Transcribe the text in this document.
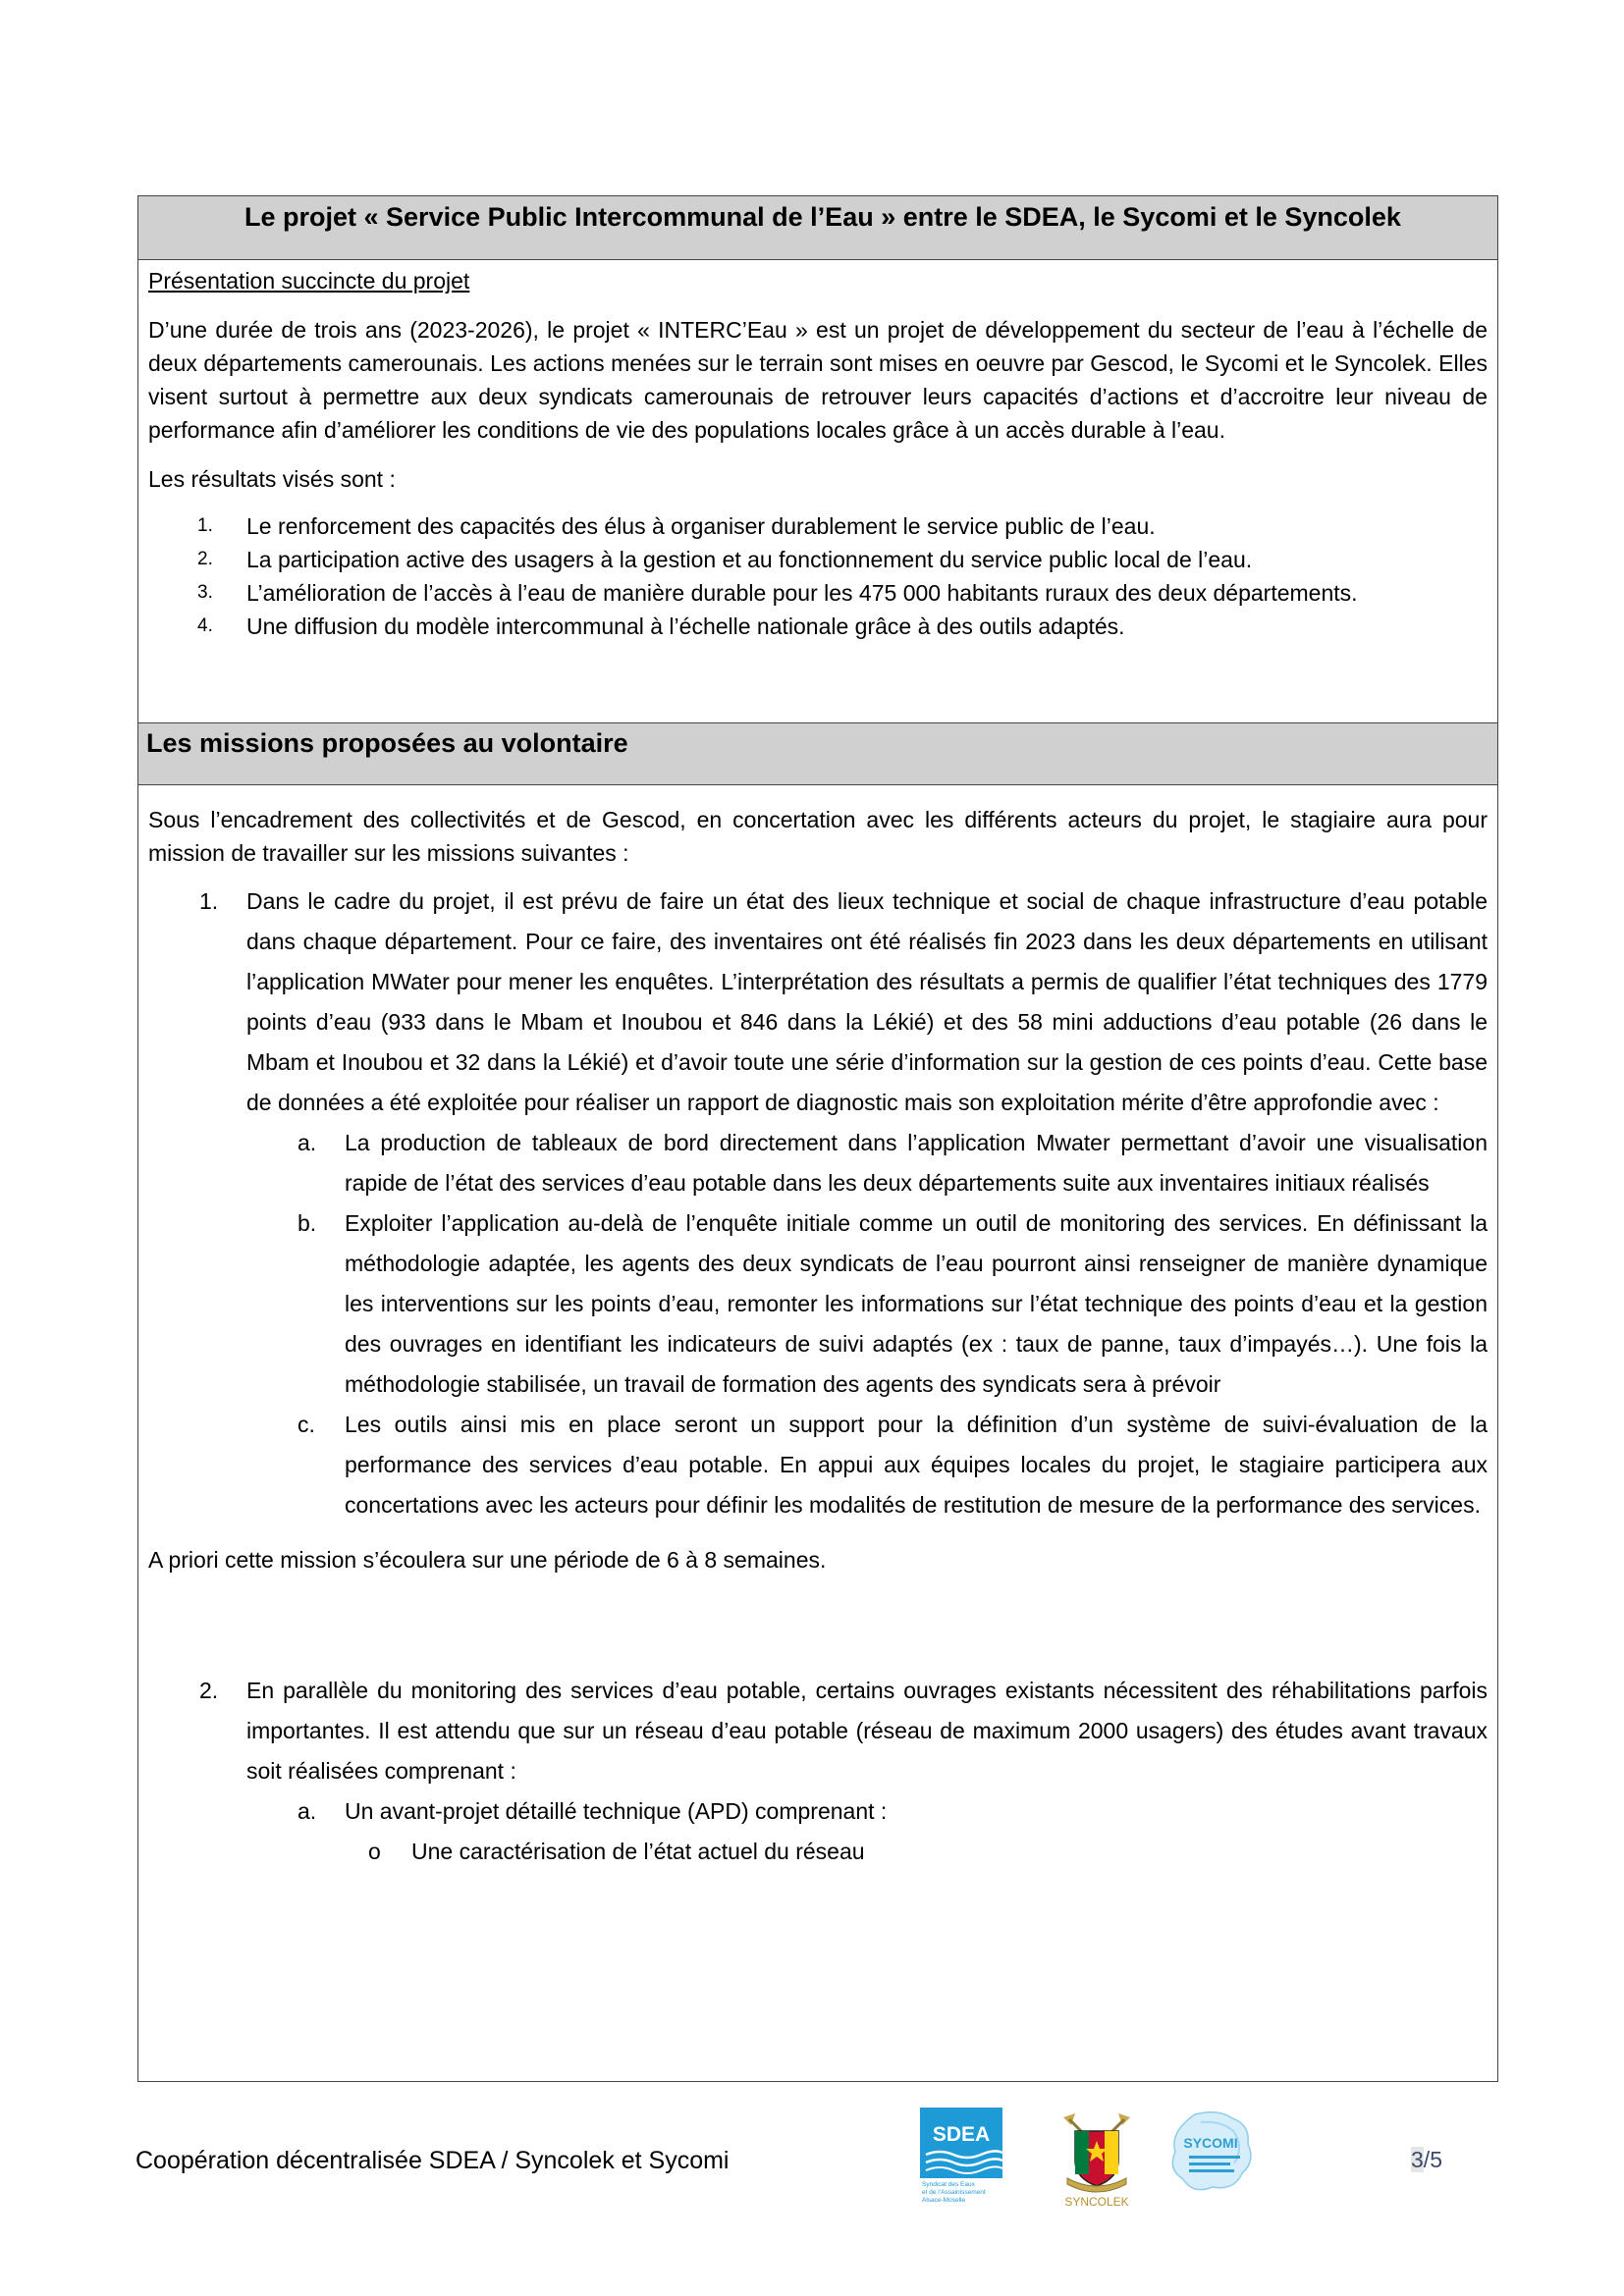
Le projet « Service Public Intercommunal de l’Eau » entre le SDEA, le Sycomi et le Syncolek

Présentation succincte du projet

D’une durée de trois ans (2023-2026), le projet « INTERC’Eau » est un projet de développement du secteur de l’eau à l’échelle de deux départements camerounais. Les actions menées sur le terrain sont mises en oeuvre par Gescod, le Sycomi et le Syncolek. Elles visent surtout à permettre aux deux syndicats camerounais de retrouver leurs capacités d’actions et d’accroitre leur niveau de performance afin d’améliorer les conditions de vie des populations locales grâce à un accès durable à l’eau.

Les résultats visés sont :

1. Le renforcement des capacités des élus à organiser durablement le service public de l’eau.
2. La participation active des usagers à la gestion et au fonctionnement du service public local de l’eau.
3. L’amélioration de l’accès à l’eau de manière durable pour les 475 000 habitants ruraux des deux départements.
4. Une diffusion du modèle intercommunal à l’échelle nationale grâce à des outils adaptés.
Les missions proposées au volontaire

Sous l’encadrement des collectivités et de Gescod, en concertation avec les différents acteurs du projet, le stagiaire aura pour mission de travailler sur les missions suivantes :

1. Dans le cadre du projet, il est prévu de faire un état des lieux technique et social de chaque infrastructure d’eau potable dans chaque département. Pour ce faire, des inventaires ont été réalisés fin 2023 dans les deux départements en utilisant l’application MWater pour mener les enquêtes. L’interprétation des résultats a permis de qualifier l’état techniques des 1779 points d’eau (933 dans le Mbam et Inoubou et 846 dans la Lékié) et des 58 mini adductions d’eau potable (26 dans le Mbam et Inoubou et 32 dans la Lékié) et d’avoir toute une série d’information sur la gestion de ces points d’eau. Cette base de données a été exploitée pour réaliser un rapport de diagnostic mais son exploitation mérite d’être approfondie avec :
a. La production de tableaux de bord directement dans l’application Mwater permettant d’avoir une visualisation rapide de l’état des services d’eau potable dans les deux départements suite aux inventaires initiaux réalisés
b. Exploiter l’application au-delà de l’enquête initiale comme un outil de monitoring des services. En définissant la méthodologie adaptée, les agents des deux syndicats de l’eau pourront ainsi renseigner de manière dynamique les interventions sur les points d’eau, remonter les informations sur l’état technique des points d’eau et la gestion des ouvrages en identifiant les indicateurs de suivi adaptés (ex : taux de panne, taux d’impayés…). Une fois la méthodologie stabilisée, un travail de formation des agents des syndicats sera à prévoir
c. Les outils ainsi mis en place seront un support pour la définition d’un système de suivi-évaluation de la performance des services d’eau potable. En appui aux équipes locales du projet, le stagiaire participera aux concertations avec les acteurs pour définir les modalités de restitution de mesure de la performance des services.

A priori cette mission s’écoulera sur une période de 6 à 8 semaines.

2. En parallèle du monitoring des services d’eau potable, certains ouvrages existants nécessitent des réhabilitations parfois importantes. Il est attendu que sur un réseau d’eau potable (réseau de maximum 2000 usagers) des études avant travaux soit réalisées comprenant :
a. Un avant-projet détaillé technique (APD) comprenant :
o Une caractérisation de l’état actuel du réseau
Coopération décentralisée SDEA / Syncolek et Sycomi
SDEA
Syndicat des Eaux
et de l’Assainissement
Alsace-Moselle	SYNCOLEK
SYCOMI
3/5
